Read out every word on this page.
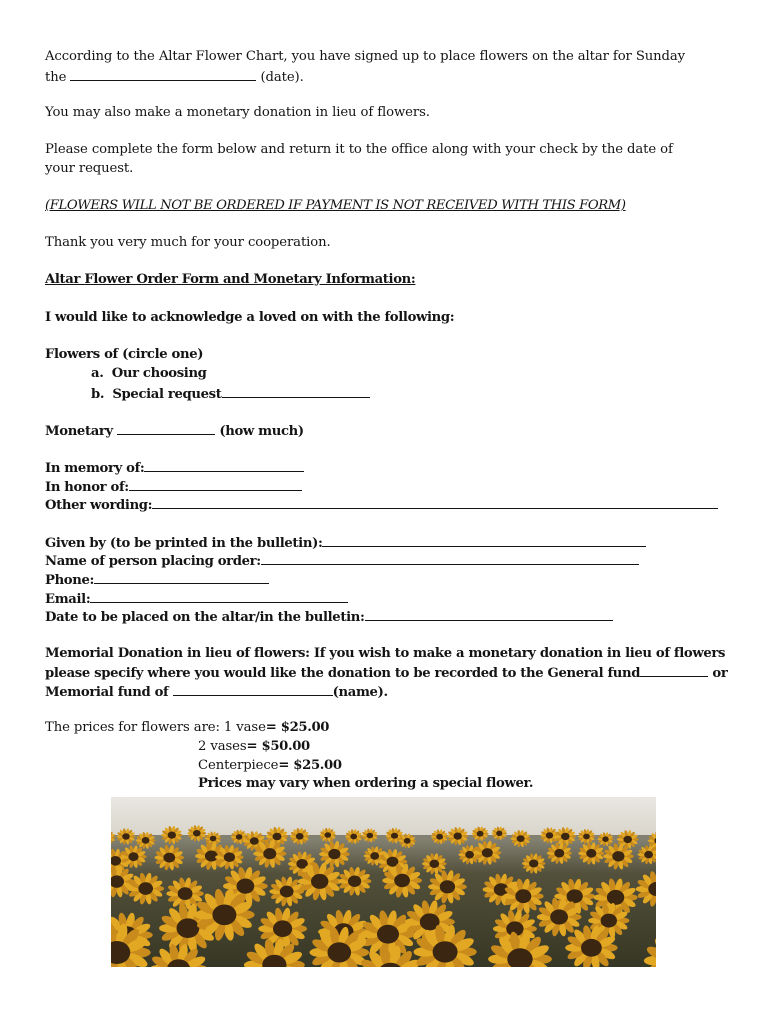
According to the Altar Flower Chart, you have signed up to place flowers on the altar for Sunday
the	(date).
You may also make a monetary donation in lieu of flowers.
Please complete the form below and return it to the office along with your check by the date of
your request.
(FLOWERS WILL NOT BE ORDERED IF PAYMENT IS NOT RECEIVED WITH THIS FORM)
Thank you very much for your cooperation.
Altar Flower Order Form and Monetary Information:
I would like to acknowledge a loved on with the following:
Flowers of (circle one)
a. Our choosing
b. Special request
Monetary	(how much)
In memory of:
In honor of:
Other wording:
Given by (to be printed in the bulletin):
Name of person placing order:
Phone:
Email:
Date to be placed on the altar/in the bulletin:
Memorial Donation in lieu of flowers: If you wish to make a monetary donation in lieu of flowers
please specify where you would like the donation to be recorded to the General fund	or
Memorial fund of	(name).
The prices for flowers are: 1 vase= $25.00
2 vases= $50.00
Centerpiece= $25.00
Prices may vary when ordering a special flower.
